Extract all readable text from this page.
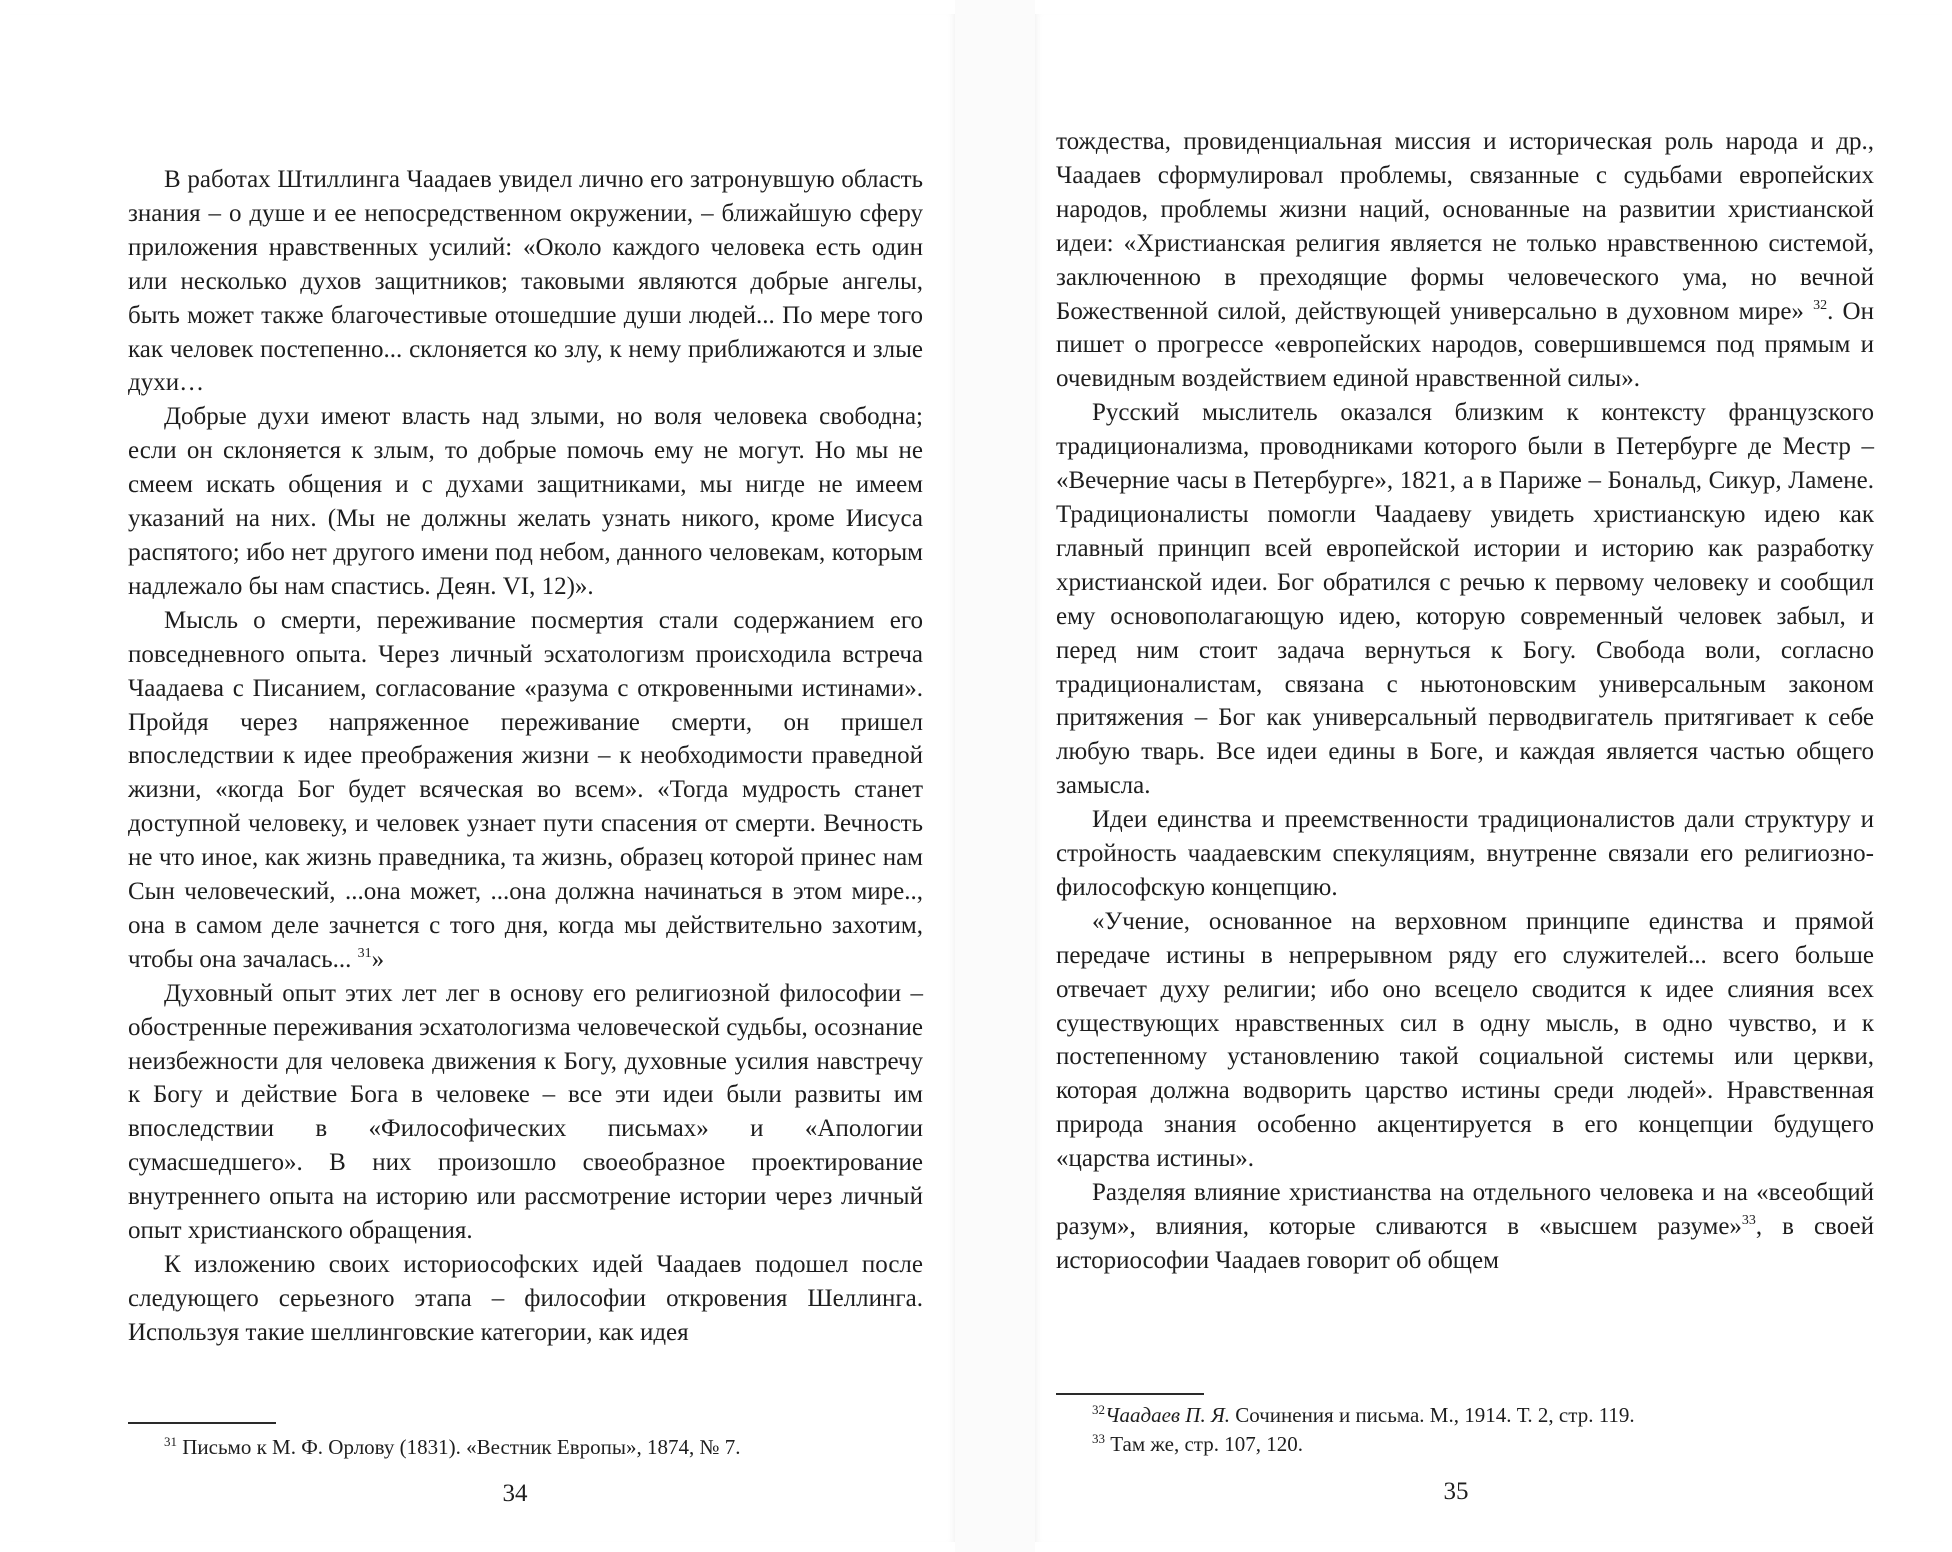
В работах Штиллинга Чаадаев увидел лично его затронувшую область знания – о душе и ее непосредственном окружении, – ближайшую сферу приложения нравственных усилий: «Около каждого человека есть один или несколько духов защитников; таковыми являются добрые ангелы, быть может также благочестивые отошедшие души людей... По мере того как человек постепенно... склоняется ко злу, к нему приближаются и злые духи…

Добрые духи имеют власть над злыми, но воля человека свободна; если он склоняется к злым, то добрые помочь ему не могут. Но мы не смеем искать общения и с духами защитниками, мы нигде не имеем указаний на них. (Мы не должны желать узнать никого, кроме Иисуса распятого; ибо нет другого имени под небом, данного человекам, которым надлежало бы нам спастись. Деян. VI, 12)».

Мысль о смерти, переживание посмертия стали содержанием его повседневного опыта. Через личный эсхатологизм происходила встреча Чаадаева с Писанием, согласование «разума с откровенными истинами». Пройдя через напряженное переживание смерти, он пришел впоследствии к идее преображения жизни – к необходимости праведной жизни, «когда Бог будет всяческая во всем». «Тогда мудрость станет доступной человеку, и человек узнает пути спасения от смерти. Вечность не что иное, как жизнь праведника, та жизнь, образец которой принес нам Сын человеческий, ...она может, ...она должна начинаться в этом мире.., она в самом деле зачнется с того дня, когда мы действительно захотим, чтобы она зачалась... $^{31}$»

Духовный опыт этих лет лег в основу его религиозной философии – обостренные переживания эсхатологизма человеческой судьбы, осознание неизбежности для человека движения к Богу, духовные усилия навстречу к Богу и действие Бога в человеке – все эти идеи были развиты им впоследствии в «Философических письмах» и «Апологии сумасшедшего». В них произошло своеобразное проектирование внутреннего опыта на историю или рассмотрение истории через личный опыт христианского обращения.

К изложению своих историософских идей Чаадаев подошел после следующего серьезного этапа – философии откровения Шеллинга. Используя такие шеллинговские категории, как идея

$^{31}$ Письмо к М. Ф. Орлову (1831). «Вестник Европы», 1874, № 7.

34

тождества, провиденциальная миссия и историческая роль народа и др., Чаадаев сформулировал проблемы, связанные с судьбами европейских народов, проблемы жизни наций, основанные на развитии христианской идеи: «Христианская религия является не только нравственною системой, заключенною в преходящие формы человеческого ума, но вечной Божественной силой, действующей универсально в духовном мире» $^{32}$. Он пишет о прогрессе «европейских народов, совершившемся под прямым и очевидным воздействием единой нравственной силы».

Русский мыслитель оказался близким к контексту французского традиционализма, проводниками которого были в Петербурге де Местр – «Вечерние часы в Петербурге», 1821, а в Париже – Бональд, Сикур, Ламене. Традиционалисты помогли Чаадаеву увидеть христианскую идею как главный принцип всей европейской истории и историю как разработку христианской идеи. Бог обратился с речью к первому человеку и сообщил ему основополагающую идею, которую современный человек забыл, и перед ним стоит задача вернуться к Богу. Свобода воли, согласно традиционалистам, связана с ньютоновским универсальным законом притяжения – Бог как универсальный перводвигатель притягивает к себе любую тварь. Все идеи едины в Боге, и каждая является частью общего замысла.

Идеи единства и преемственности традиционалистов дали структуру и стройность чаадаевским спекуляциям, внутренне связали его религиозно-философскую концепцию.

«Учение, основанное на верховном принципе единства и прямой передаче истины в непрерывном ряду его служителей... всего больше отвечает духу религии; ибо оно всецело сводится к идее слияния всех существующих нравственных сил в одну мысль, в одно чувство, и к постепенному установлению такой социальной системы или церкви, которая должна водворить царство истины среди людей». Нравственная природа знания особенно акцентируется в его концепции будущего «царства истины».

Разделяя влияние христианства на отдельного человека и на «всеобщий разум», влияния, которые сливаются в «высшем разуме»$^{33}$, в своей историософии Чаадаев говорит об общем

$^{32}$Чаадаев П. Я. Сочинения и письма. М., 1914. Т. 2, стр. 119.

$^{33}$ Там же, стр. 107, 120.

35
